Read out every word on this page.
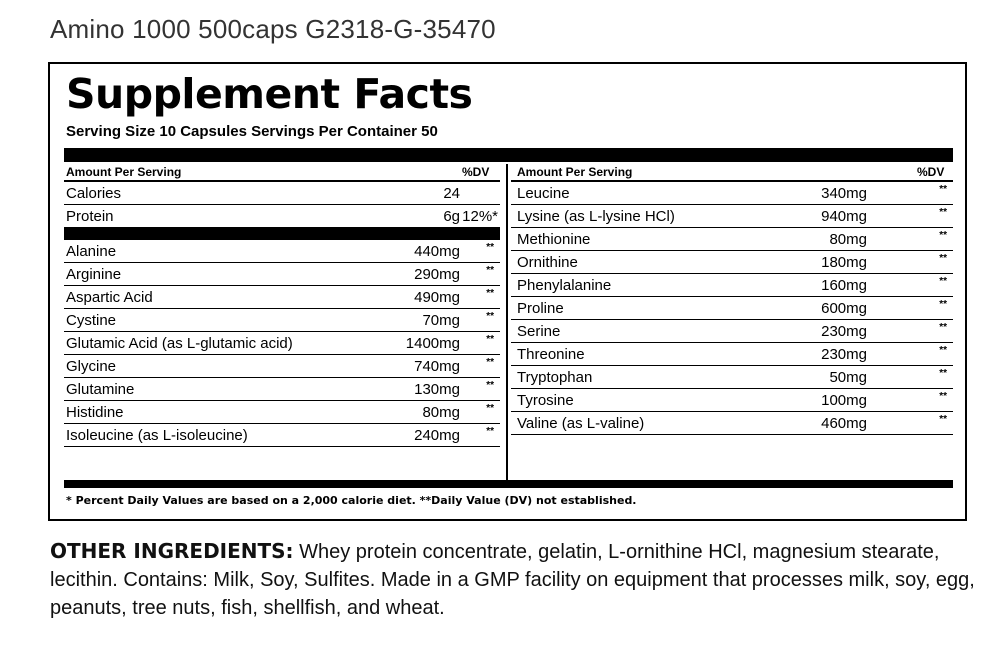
Amino 1000 500caps G2318-G-35470
Supplement Facts
Serving Size 10 Capsules Servings Per Container 50
Amount Per Serving	%DV
Calories	24
Protein	6g 12%*
Alanine	440mg	**
Arginine	290mg	**
Aspartic Acid	490mg	**
Cystine	70mg	**
Glutamic Acid (as L-glutamic acid)	1400mg	**
Glycine	740mg	**
Glutamine	130mg	**
Histidine	80mg	**
Isoleucine (as L-isoleucine)	240mg	**
Amount Per Serving	%DV
Leucine	340mg	**
Lysine (as L-lysine HCl)	940mg	**
Methionine	80mg	**
Ornithine	180mg	**
Phenylalanine	160mg	**
Proline	600mg	**
Serine	230mg	**
Threonine	230mg	**
Tryptophan	50mg	**
Tyrosine	100mg	**
Valine (as L-valine)	460mg	**
* Percent Daily Values are based on a 2,000 calorie diet. **Daily Value (DV) not established.
OTHER INGREDIENTS: Whey protein concentrate, gelatin, L-ornithine HCl, magnesium stearate, lecithin. Contains: Milk, Soy, Sulfites. Made in a GMP facility on equipment that processes milk, soy, egg, peanuts, tree nuts, fish, shellfish, and wheat.
